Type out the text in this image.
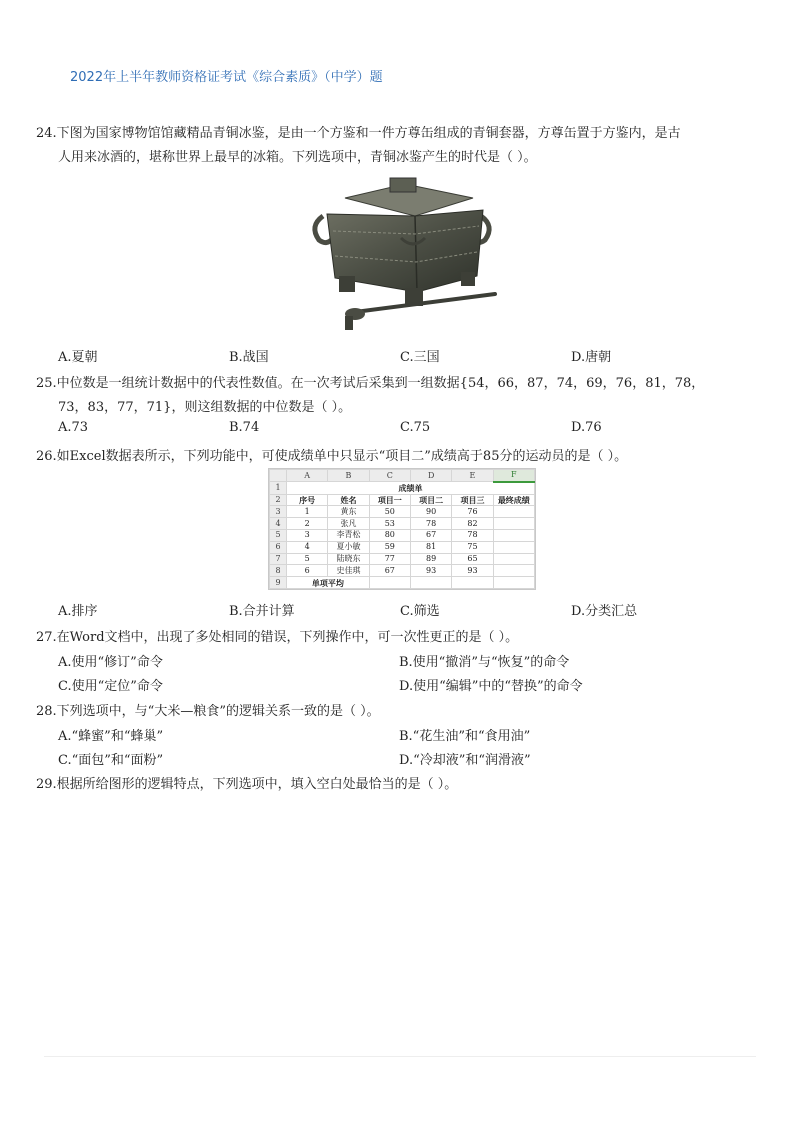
2022年上半年教师资格证考试《综合素质》（中学）题
24.下图为国家博物馆馆藏精品青铜冰鉴，是由一个方鉴和一件方尊缶组成的青铜套器，方尊缶置于方鉴内，是古
人用来冰酒的，堪称世界上最早的冰箱。下列选项中，青铜冰鉴产生的时代是（ ）。
A.夏朝	B.战国	C.三国	D.唐朝
25.中位数是一组统计数据中的代表性数值。在一次考试后采集到一组数据{54，66，87，74，69，76，81，78，
73，83，77，71}，则这组数据的中位数是（ ）。
A.73	B.74	C.75	D.76
26.如Excel数据表所示，下列功能中，可使成绩单中只显示“项目二”成绩高于85分的运动员的是（ ）。
	A	B	C	D	E	F
1	成绩单					
2	序号	姓名	项目一	项目二	项目三	最终成绩
3	1	黄东	50	90	76	
4	2	张凡	53	78	82	
5	3	李青松	80	67	78	
6	4	夏小敏	59	81	75	
7	5	陆晓东	77	89	65	
8	6	史佳琪	67	93	93	
9	单项平均					
A.排序	B.合并计算	C.筛选	D.分类汇总
27.在Word文档中，出现了多处相同的错误，下列操作中，可一次性更正的是（ ）。
A.使用“修订”命令	B.使用“撤消”与“恢复”的命令
C.使用“定位”命令	D.使用“编辑”中的“替换”的命令
28.下列选项中，与“大米—粮食”的逻辑关系一致的是（ ）。
A.“蜂蜜”和“蜂巢”	B.“花生油”和“食用油”
C.“面包”和“面粉”	D.“冷却液”和“润滑液”
29.根据所给图形的逻辑特点，下列选项中，填入空白处最恰当的是（ ）。
